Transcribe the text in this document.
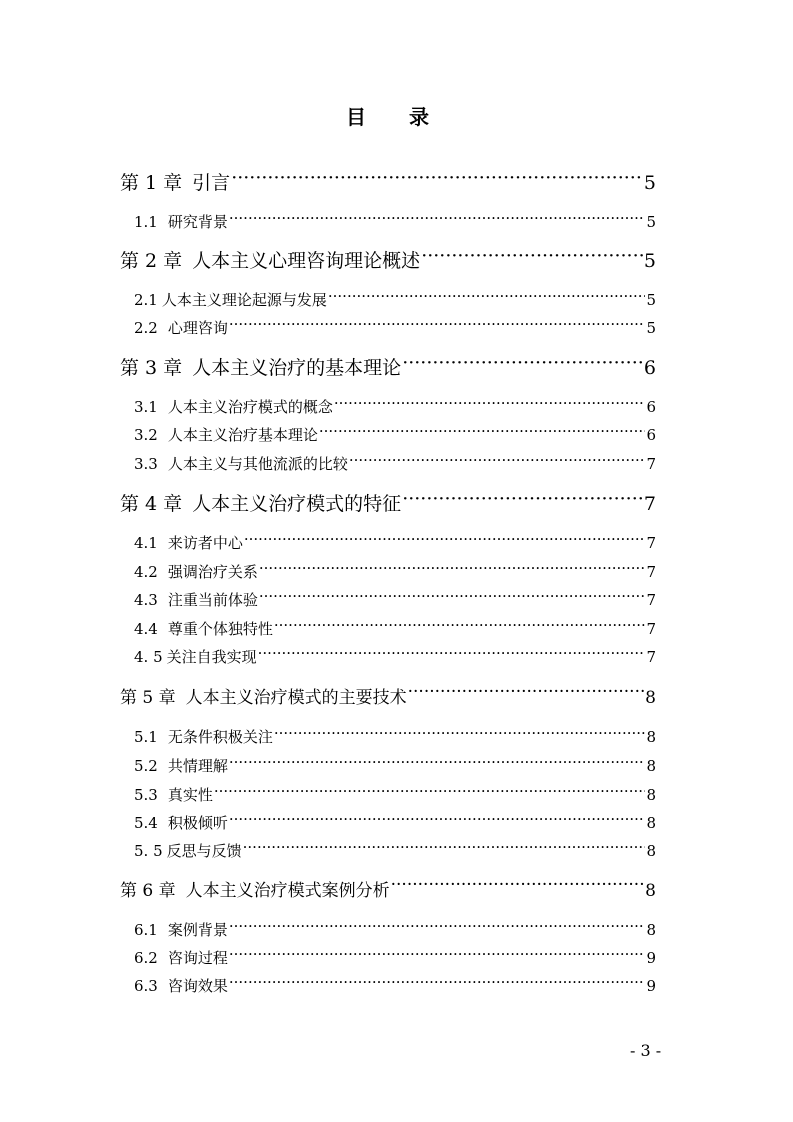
目 录
第 1 章 引言 ·····	5
1.1 研究背景 ·····	5
第 2 章 人本主义心理咨询理论概述 ·····	5
2.1 人本主义理论起源与发展 ·····	5
2.2 心理咨询 ·····	5
第 3 章 人本主义治疗的基本理论 ·····	6
3.1 人本主义治疗模式的概念 ·····	6
3.2 人本主义治疗基本理论 ·····	6
3.3 人本主义与其他流派的比较 ·····	7
第 4 章 人本主义治疗模式的特征 ·····	7
4.1 来访者中心 ·····	7
4.2 强调治疗关系 ·····	7
4.3 注重当前体验 ·····	7
4.4 尊重个体独特性 ·····	7
4. 5 关注自我实现 ·····	7
第 5 章 人本主义治疗模式的主要技术 ·····	8
5.1 无条件积极关注 ·····	8
5.2 共情理解 ·····	8
5.3 真实性 ·····	8
5.4 积极倾听 ·····	8
5. 5 反思与反馈 ·····	8
第 6 章 人本主义治疗模式案例分析 ·····	8
6.1 案例背景 ·····	8
6.2 咨询过程 ·····	9
6.3 咨询效果 ·····	9
- 3 -
